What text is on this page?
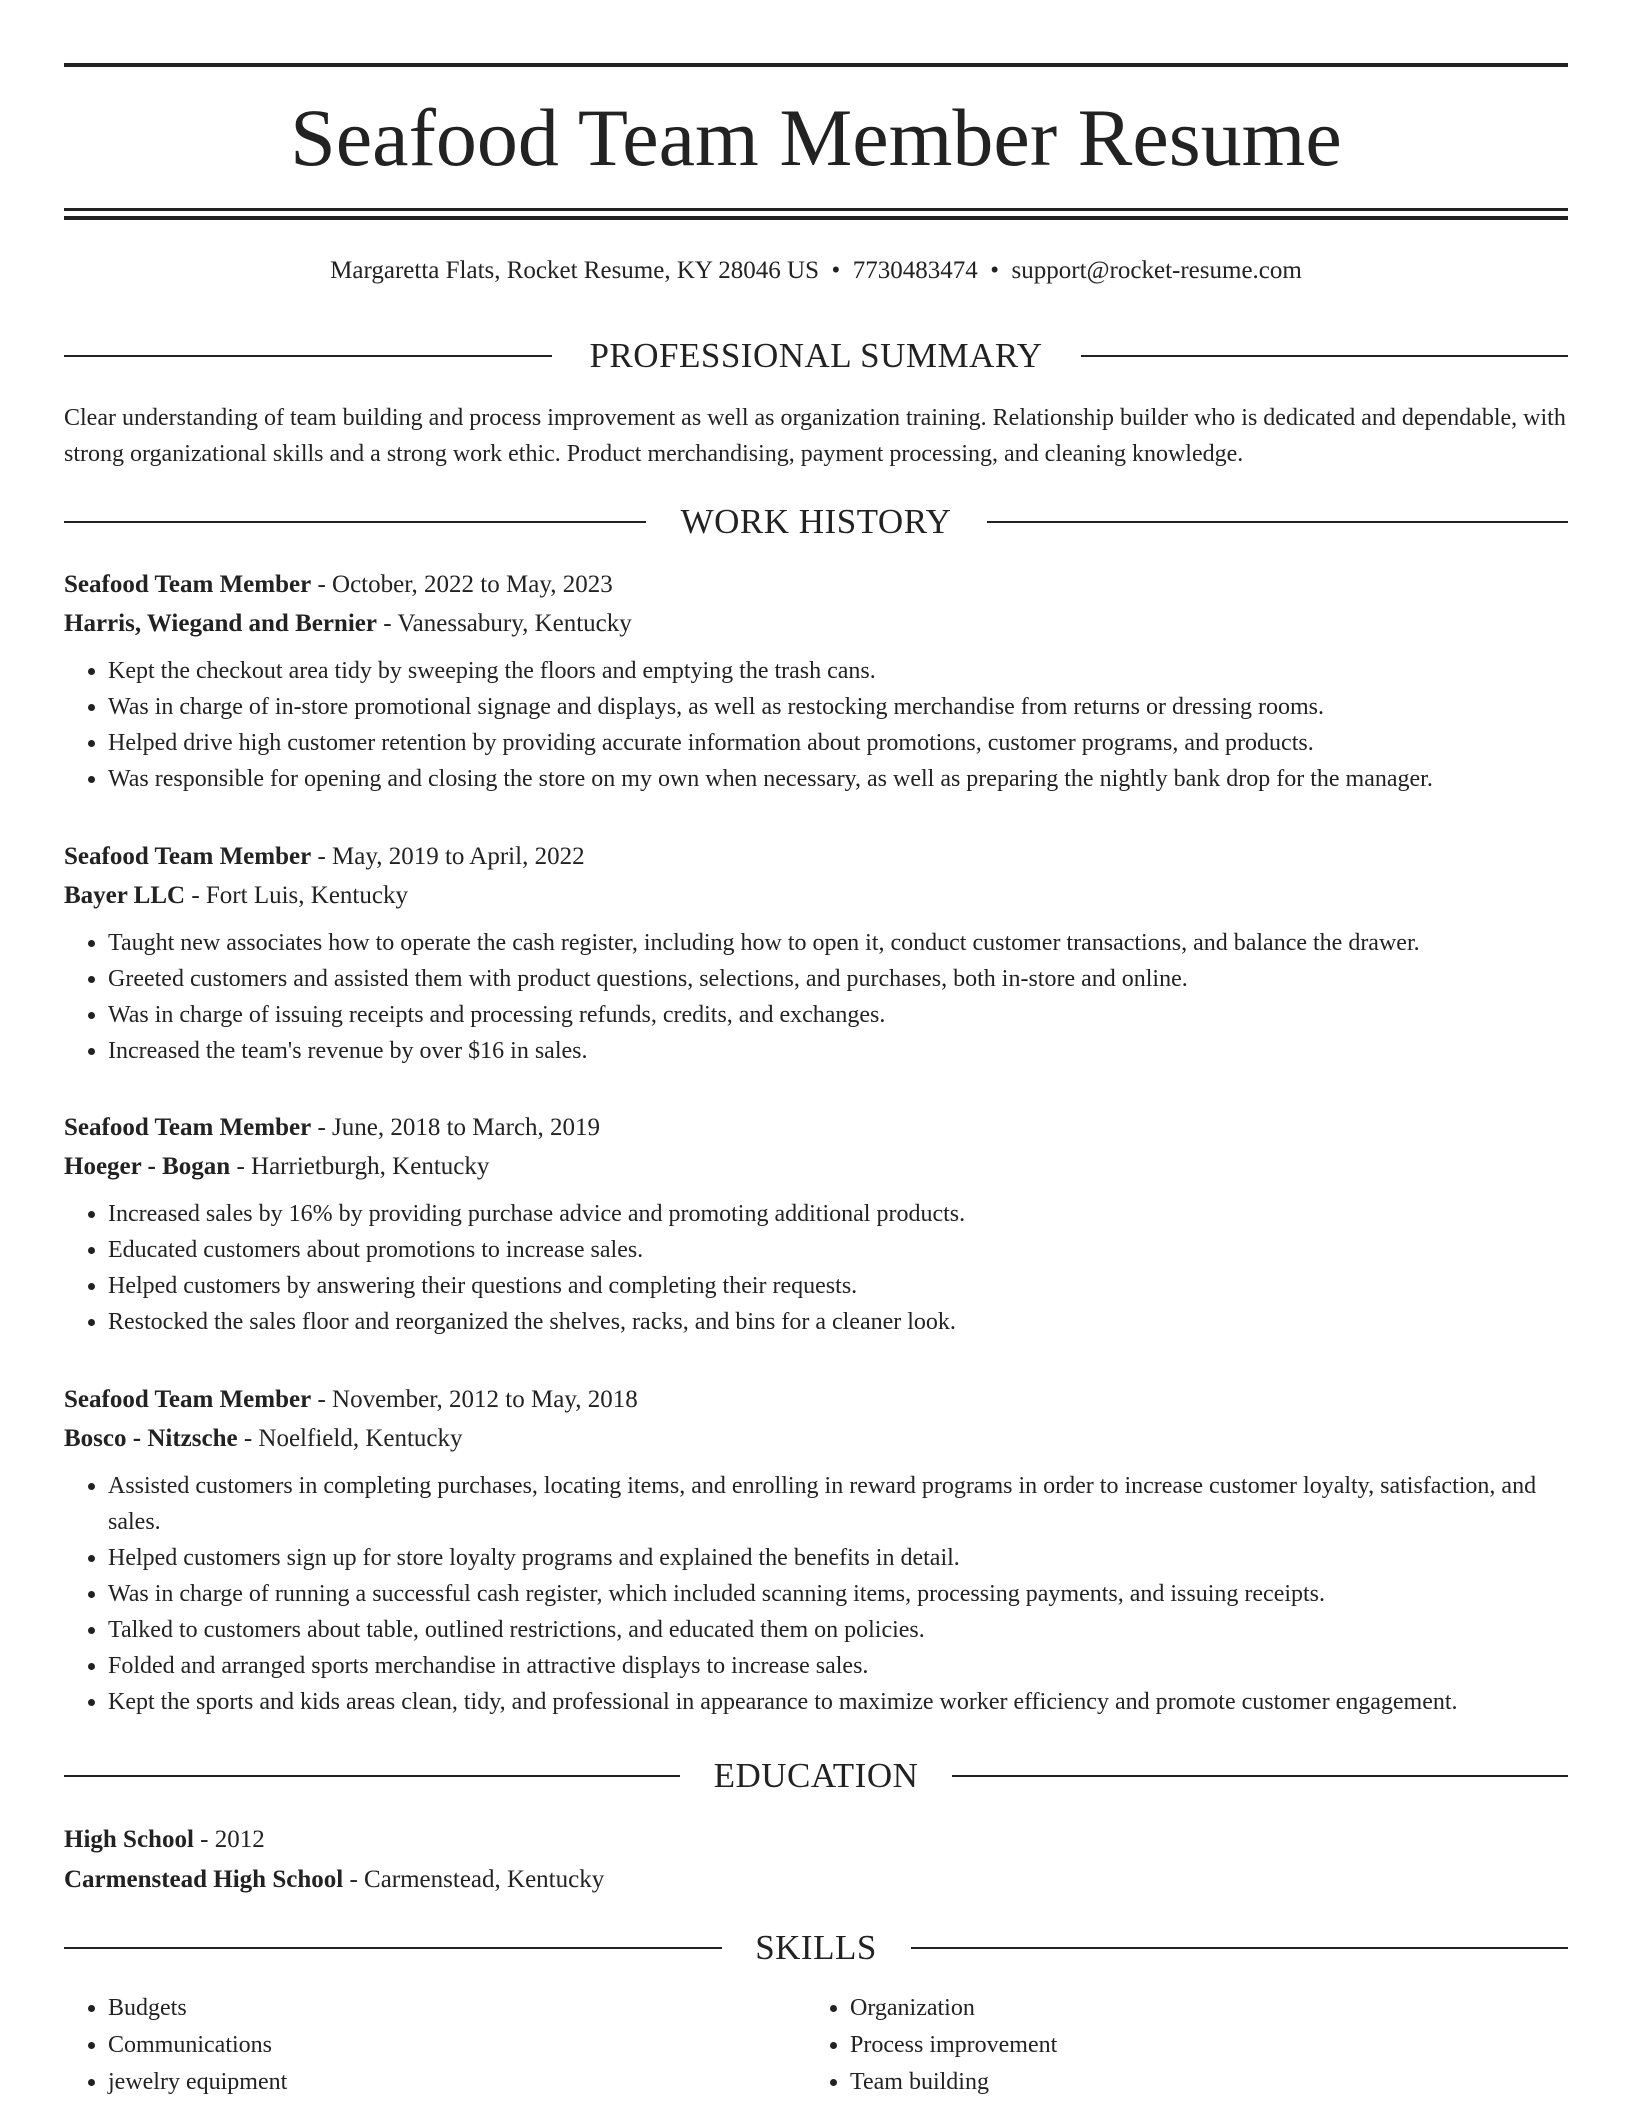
Seafood Team Member Resume
Margaretta Flats, Rocket Resume, KY 28046 US • 7730483474 • support@rocket-resume.com
PROFESSIONAL SUMMARY

Clear understanding of team building and process improvement as well as organization training. Relationship builder who is dedicated and dependable, with strong organizational skills and a strong work ethic. Product merchandising, payment processing, and cleaning knowledge.

WORK HISTORY

Seafood Team Member - October, 2022 to May, 2023

Harris, Wiegand and Bernier - Vanessabury, Kentucky

• Kept the checkout area tidy by sweeping the floors and emptying the trash cans.
• Was in charge of in-store promotional signage and displays, as well as restocking merchandise from returns or dressing rooms.
• Helped drive high customer retention by providing accurate information about promotions, customer programs, and products.
• Was responsible for opening and closing the store on my own when necessary, as well as preparing the nightly bank drop for the manager.

Seafood Team Member - May, 2019 to April, 2022

Bayer LLC - Fort Luis, Kentucky

• Taught new associates how to operate the cash register, including how to open it, conduct customer transactions, and balance the drawer.
• Greeted customers and assisted them with product questions, selections, and purchases, both in-store and online.
• Was in charge of issuing receipts and processing refunds, credits, and exchanges.
• Increased the team's revenue by over $16 in sales.

Seafood Team Member - June, 2018 to March, 2019

Hoeger - Bogan - Harrietburgh, Kentucky

• Increased sales by 16% by providing purchase advice and promoting additional products.
• Educated customers about promotions to increase sales.
• Helped customers by answering their questions and completing their requests.
• Restocked the sales floor and reorganized the shelves, racks, and bins for a cleaner look.

Seafood Team Member - November, 2012 to May, 2018

Bosco - Nitzsche - Noelfield, Kentucky

• Assisted customers in completing purchases, locating items, and enrolling in reward programs in order to increase customer loyalty, satisfaction, and sales.
• Helped customers sign up for store loyalty programs and explained the benefits in detail.
• Was in charge of running a successful cash register, which included scanning items, processing payments, and issuing receipts.
• Talked to customers about table, outlined restrictions, and educated them on policies.
• Folded and arranged sports merchandise in attractive displays to increase sales.
• Kept the sports and kids areas clean, tidy, and professional in appearance to maximize worker efficiency and promote customer engagement.
EDUCATION

High School - 2012

Carmenstead High School - Carmenstead, Kentucky

SKILLS
• Budgets
• Communications
• jewelry equipment
• Organization
• Process improvement
• Team building
